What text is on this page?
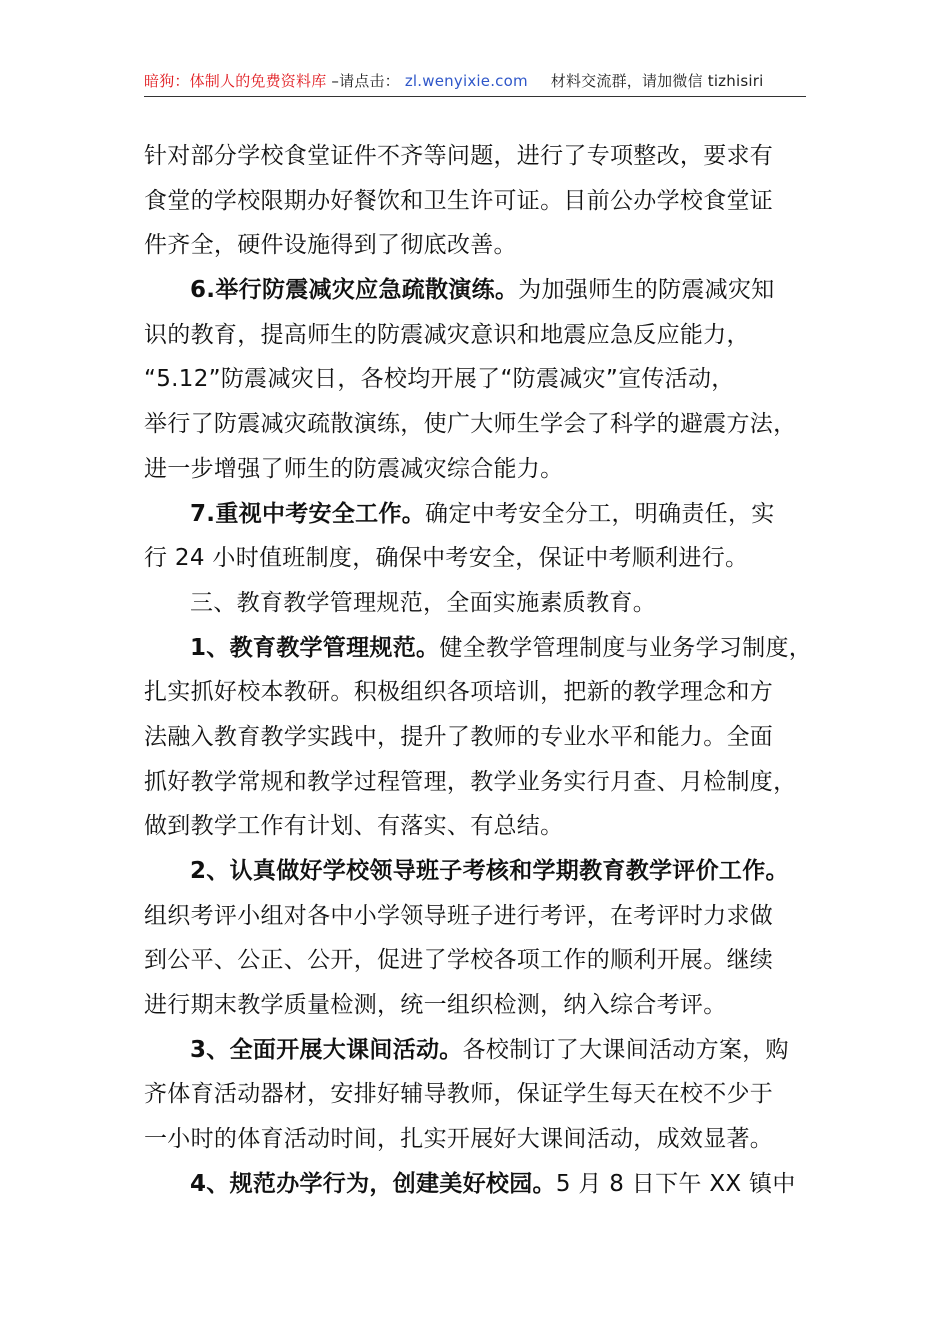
暗狗：体制人的免费资料库 –请点击： zl.wenyixie.com 材料交流群，请加微信 tizhisiri
针对部分学校食堂证件不齐等问题，进行了专项整改，要求有
食堂的学校限期办好餐饮和卫生许可证。目前公办学校食堂证
件齐全，硬件设施得到了彻底改善。
6.举行防震减灾应急疏散演练。为加强师生的防震减灾知
识的教育，提高师生的防震减灾意识和地震应急反应能力，
“5.12”防震减灾日，各校均开展了“防震减灾”宣传活动，
举行了防震减灾疏散演练，使广大师生学会了科学的避震方法，
进一步增强了师生的防震减灾综合能力。
7.重视中考安全工作。确定中考安全分工，明确责任，实
行 24 小时值班制度，确保中考安全，保证中考顺利进行。
三、教育教学管理规范，全面实施素质教育。
1、教育教学管理规范。健全教学管理制度与业务学习制度，
扎实抓好校本教研。积极组织各项培训，把新的教学理念和方
法融入教育教学实践中，提升了教师的专业水平和能力。全面
抓好教学常规和教学过程管理，教学业务实行月查、月检制度，
做到教学工作有计划、有落实、有总结。
2、认真做好学校领导班子考核和学期教育教学评价工作。
组织考评小组对各中小学领导班子进行考评，在考评时力求做
到公平、公正、公开，促进了学校各项工作的顺利开展。继续
进行期末教学质量检测，统一组织检测，纳入综合考评。
3、全面开展大课间活动。各校制订了大课间活动方案，购
齐体育活动器材，安排好辅导教师，保证学生每天在校不少于
一小时的体育活动时间，扎实开展好大课间活动，成效显著。
4、规范办学行为，创建美好校园。5 月 8 日下午 XX 镇中
